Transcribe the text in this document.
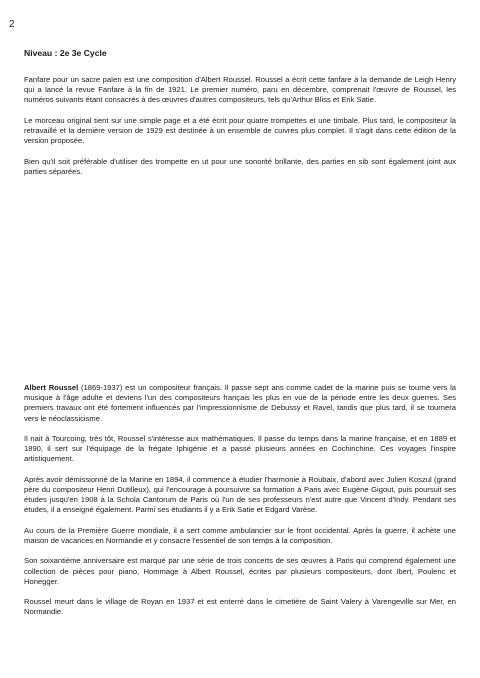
2
Niveau : 2e 3e Cycle

Fanfare pour un sacre païen est une composition d'Albert Roussel. Roussel a écrit cette fanfare à la demande de Leigh Henry qui a lancé la revue Fanfare à la fin de 1921. Le premier numéro, paru en décembre, comprenait l'œuvre de Roussel, les numéros suivants étant consacrés à des œuvres d'autres compositeurs, tels qu'Arthur Bliss et Erik Satie.

Le morceau original tient sur une simple page et a été écrit pour quatre trompettes et une timbale. Plus tard, le compositeur la retravaillé et la dernière version de 1929 est destinée à un ensemble de cuivres plus complet. Il s'agit dans cette édition de la version proposée.

Bien qu'il soit préférable d'utiliser des trompette en ut pour une sonorité brillante, des parties en sib sont également joint aux parties séparées.

Albert Roussel (1869-1937) est un compositeur français. Il passe sept ans comme cadet de la marine puis se tourne vers la musique à l'âge adulte et deviens l'un des compositeurs français les plus en vue de la période entre les deux guerres. Ses premiers travaux ont été fortement influencés par l'impressionnisme de Debussy et Ravel, tandis que plus tard, il se tournera vers le néoclassicisme.

Il nait à Tourcoing, très tôt, Roussel s'intéresse aux mathématiques. Il passe du temps dans la marine française, et en 1889 et 1890, il sert sur l'équipage de la frégate Iphigénie et a passé plusieurs années en Cochinchine. Ces voyages l'inspire artistiquement.

Après avoir démissionné de la Marine en 1894, il commence à étudier l'harmonie à Roubaix, d'abord avec Julien Koszul (grand père du compositeur Henri Dutilleux), qui l'encourage à poursuivre sa formation à Paris avec Eugène Gigout, puis poursuit ses études jusqu'en 1908 à la Schola Cantorum de Paris où l'un de ses professeurs n'est autre que Vincent d'Indy. Pendant ses études, il a enseigné également. Parmi ses étudiants il y a Erik Satie et Edgard Varèse.

Au cours de la Première Guerre mondiale, il a sert comme ambulancier sur le front occidental. Après la guerre, il achète une maison de vacances en Normandie et y consacre l'essentiel de son temps à la composition.

Son soixantième anniversaire est marqué par une série de trois concerts de ses œuvres à Paris qui comprend également une collection de pièces pour piano, Hommage à Albert Roussel, écrites par plusieurs compositeurs, dont Ibert, Poulenc et Honegger.

Roussel meurt dans le village de Royan en 1937 et est enterré dans le cimetière de Saint Valery à Varengeville sur Mer, en Normandie.
